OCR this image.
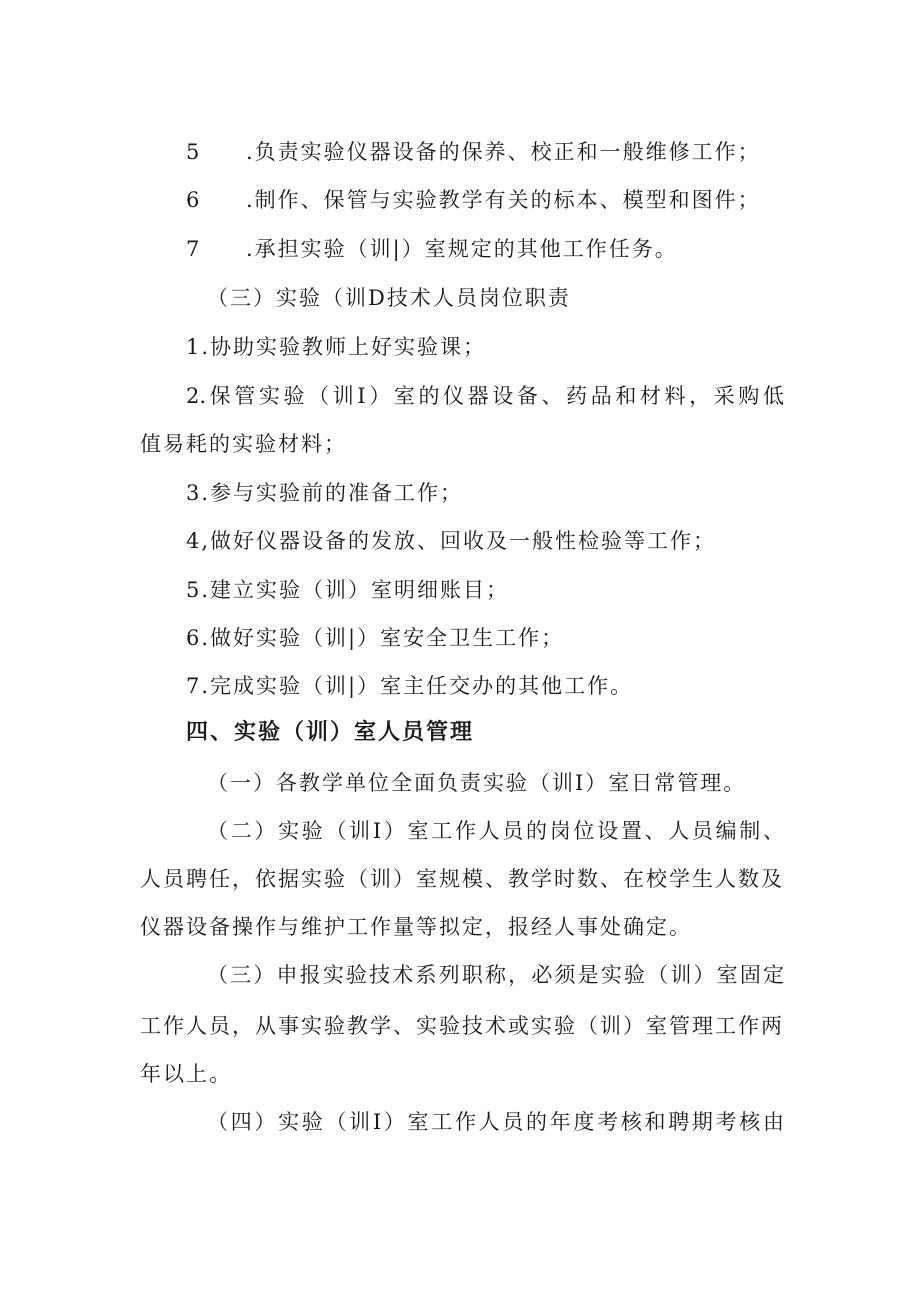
5 .负责实验仪器设备的保养、校正和一般维修工作；
6 .制作、保管与实验教学有关的标本、模型和图件；
7 .承担实验（训|）室规定的其他工作任务。
（三）实验（训D技术人员岗位职责
1.协助实验教师上好实验课；
2.保管实验（训I）室的仪器设备、药品和材料，采购低
值易耗的实验材料；
3.参与实验前的准备工作；
4,做好仪器设备的发放、回收及一般性检验等工作；
5.建立实验（训）室明细账目；
6.做好实验（训|）室安全卫生工作；
7.完成实验（训|）室主任交办的其他工作。
四、实验（训）室人员管理
（一）各教学单位全面负责实验（训I）室日常管理。
（二）实验（训I）室工作人员的岗位设置、人员编制、
人员聘任，依据实验（训）室规模、教学时数、在校学生人数及
仪器设备操作与维护工作量等拟定，报经人事处确定。
（三）申报实验技术系列职称，必须是实验（训）室固定
工作人员，从事实验教学、实验技术或实验（训）室管理工作两
年以上。
（四）实验（训I）室工作人员的年度考核和聘期考核由
